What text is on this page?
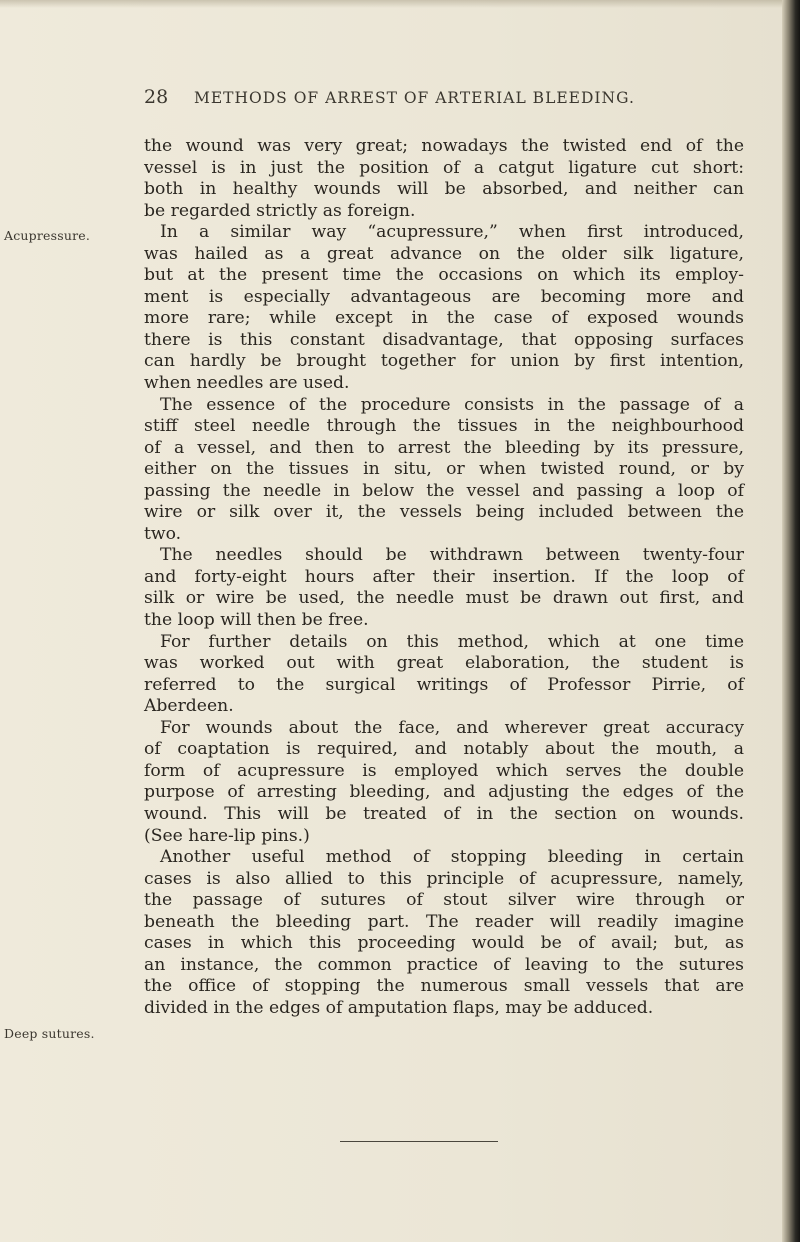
28 METHODS OF ARREST OF ARTERIAL BLEEDING.
Acupressure.
Deep sutures.
the wound was very great; nowadays the twisted end of the
vessel is in just the position of a catgut ligature cut short:
both in healthy wounds will be absorbed, and neither can
be regarded strictly as foreign.
In a similar way “acupressure,” when first introduced,
was hailed as a great advance on the older silk ligature,
but at the present time the occasions on which its employ-
ment is especially advantageous are becoming more and
more rare; while except in the case of exposed wounds
there is this constant disadvantage, that opposing surfaces
can hardly be brought together for union by first intention,
when needles are used.
The essence of the procedure consists in the passage of a
stiff steel needle through the tissues in the neighbourhood
of a vessel, and then to arrest the bleeding by its pressure,
either on the tissues in situ, or when twisted round, or by
passing the needle in below the vessel and passing a loop of
wire or silk over it, the vessels being included between the
two.
The needles should be withdrawn between twenty-four
and forty-eight hours after their insertion. If the loop of
silk or wire be used, the needle must be drawn out first, and
the loop will then be free.
For further details on this method, which at one time
was worked out with great elaboration, the student is
referred to the surgical writings of Professor Pirrie, of
Aberdeen.
For wounds about the face, and wherever great accuracy
of coaptation is required, and notably about the mouth, a
form of acupressure is employed which serves the double
purpose of arresting bleeding, and adjusting the edges of the
wound. This will be treated of in the section on wounds.
(See hare-lip pins.)
Another useful method of stopping bleeding in certain
cases is also allied to this principle of acupressure, namely,
the passage of sutures of stout silver wire through or
beneath the bleeding part. The reader will readily imagine
cases in which this proceeding would be of avail; but, as
an instance, the common practice of leaving to the sutures
the office of stopping the numerous small vessels that are
divided in the edges of amputation flaps, may be adduced.
